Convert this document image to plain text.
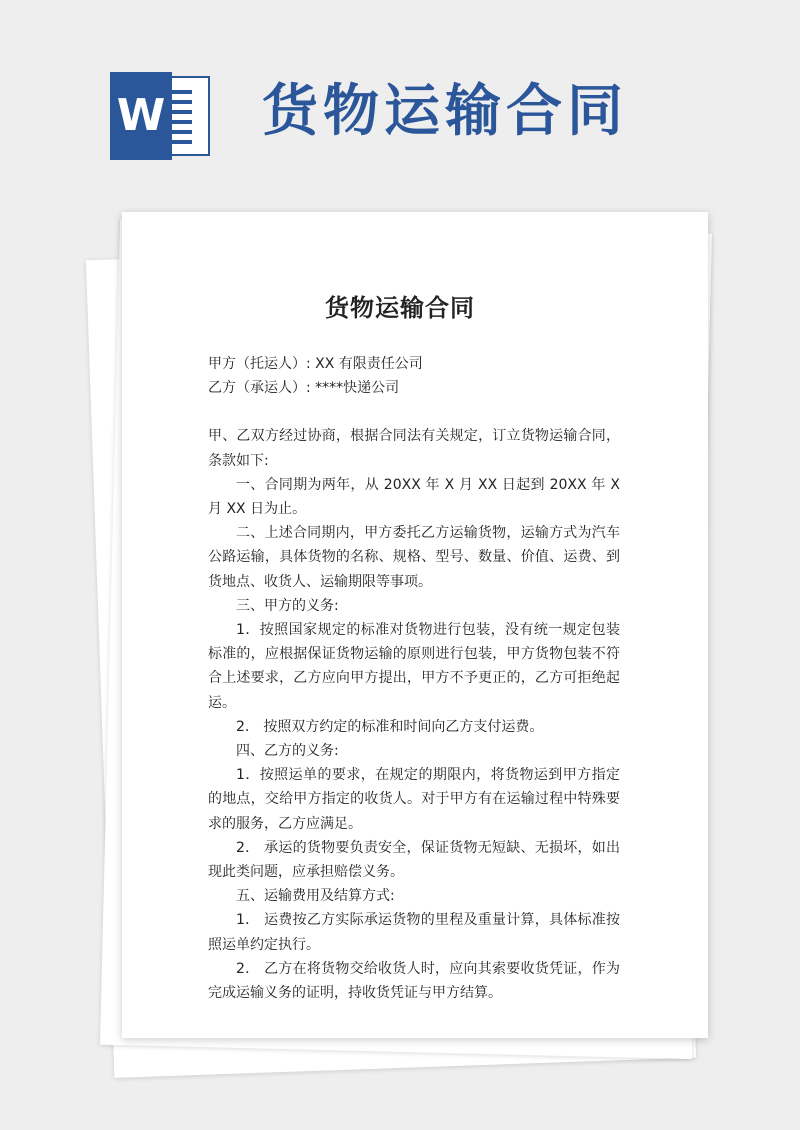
W 货物运输合同
货物运输合同

甲方（托运人）: XX 有限责任公司

乙方（承运人）: ****快递公司

甲、乙双方经过协商，根据合同法有关规定，订立货物运输合同，条款如下:

一、合同期为两年，从 20XX 年 X 月 XX 日起到 20XX 年 X 月 XX 日为止。

二、上述合同期内，甲方委托乙方运输货物，运输方式为汽车公路运输，具体货物的名称、规格、型号、数量、价值、运费、到货地点、收货人、运输期限等事项。

三、甲方的义务:

1．按照国家规定的标准对货物进行包装，没有统一规定包装标准的，应根据保证货物运输的原则进行包装，甲方货物包装不符合上述要求，乙方应向甲方提出，甲方不予更正的，乙方可拒绝起运。

2． 按照双方约定的标准和时间向乙方支付运费。

四、乙方的义务:

1．按照运单的要求，在规定的期限内，将货物运到甲方指定的地点，交给甲方指定的收货人。对于甲方有在运输过程中特殊要求的服务，乙方应满足。

2． 承运的货物要负责安全，保证货物无短缺、无损坏，如出现此类问题，应承担赔偿义务。

五、运输费用及结算方式:

1． 运费按乙方实际承运货物的里程及重量计算，具体标准按照运单约定执行。

2． 乙方在将货物交给收货人时，应向其索要收货凭证，作为完成运输义务的证明，持收货凭证与甲方结算。
